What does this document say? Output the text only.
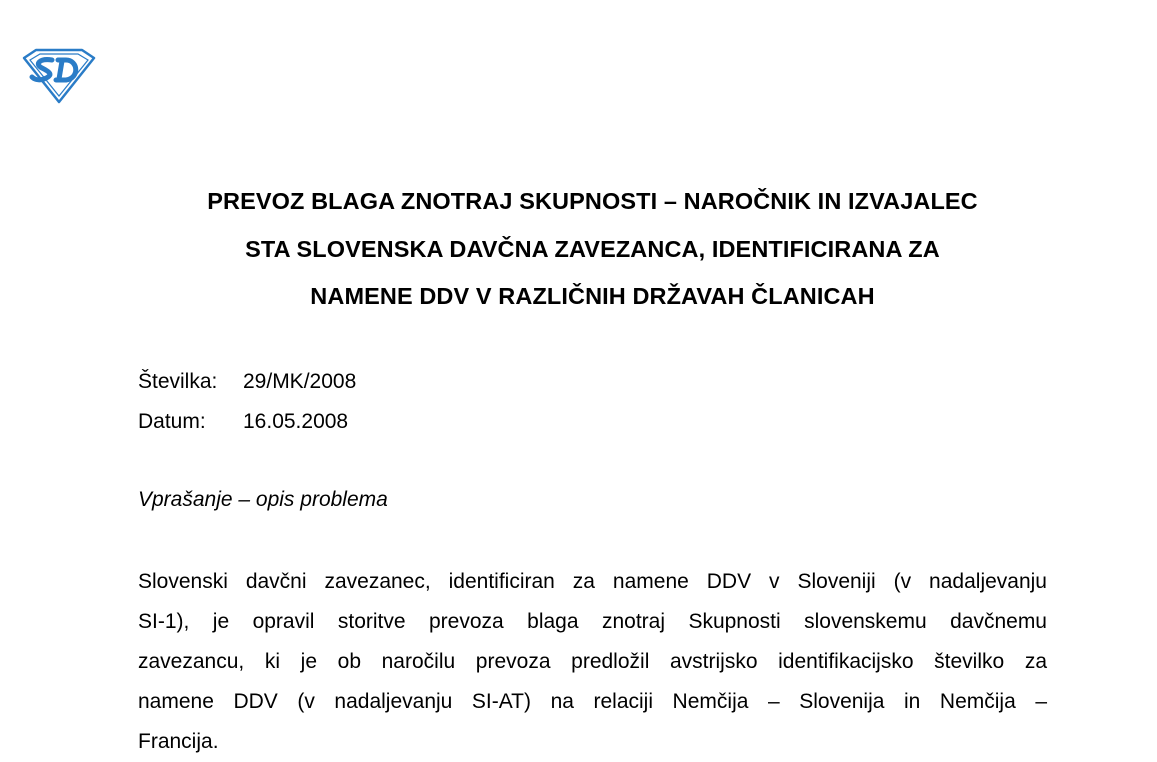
PREVOZ BLAGA ZNOTRAJ SKUPNOSTI – NAROČNIK IN IZVAJALEC
STA SLOVENSKA DAVČNA ZAVEZANCA, IDENTIFICIRANA ZA
NAMENE DDV V RAZLIČNIH DRŽAVAH ČLANICAH
Številka: 29/MK/2008
Datum: 16.05.2008
Vprašanje – opis problema
Slovenski davčni zavezanec, identificiran za namene DDV v Sloveniji (v nadaljevanju
SI-1), je opravil storitve prevoza blaga znotraj Skupnosti slovenskemu davčnemu
zavezancu, ki je ob naročilu prevoza predložil avstrijsko identifikacijsko številko za
namene DDV (v nadaljevanju SI-AT) na relaciji Nemčija – Slovenija in Nemčija –
Francija.
